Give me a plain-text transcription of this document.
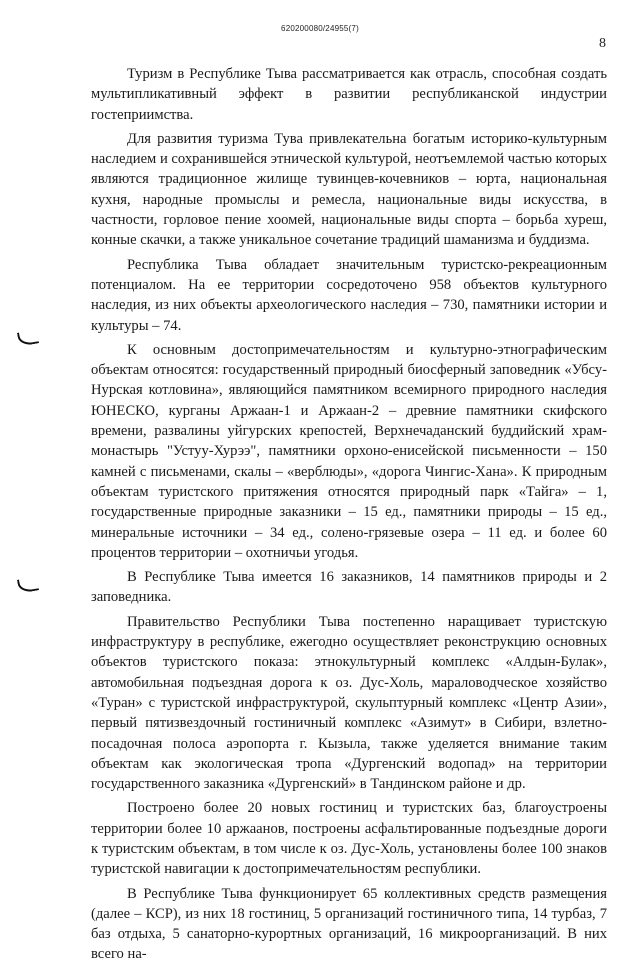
620200080/24955(7)
8

Туризм в Республике Тыва рассматривается как отрасль, способная создать мультипликативный эффект в развитии республиканской индустрии гостеприимства.

Для развития туризма Тува привлекательна богатым историко-культурным наследием и сохранившейся этнической культурой, неотъемлемой частью которых являются традиционное жилище тувинцев-кочевников – юрта, национальная кухня, народные промыслы и ремесла, национальные виды искусства, в частности, горловое пение хоомей, национальные виды спорта – борьба хуреш, конные скачки, а также уникальное сочетание традиций шаманизма и буддизма.

Республика Тыва обладает значительным туристско-рекреационным потенциалом. На ее территории сосредоточено 958 объектов культурного наследия, из них объекты археологического наследия – 730, памятники истории и культуры – 74.

К основным достопримечательностям и культурно-этнографическим объектам относятся: государственный природный биосферный заповедник «Убсу-Нурская котловина», являющийся памятником всемирного природного наследия ЮНЕСКО, курганы Аржаан-1 и Аржаан-2 – древние памятники скифского времени, развалины уйгурских крепостей, Верхнечаданский буддийский храм-монастырь "Устуу-Хурээ", памятники орхоно-енисейской письменности – 150 камней с письменами, скалы – «верблюды», «дорога Чингис-Хана». К природным объектам туристского притяжения относятся природный парк «Тайга» – 1, государственные природные заказники – 15 ед., памятники природы – 15 ед., минеральные источники – 34 ед., солено-грязевые озера – 11 ед. и более 60 процентов территории – охотничьи угодья.

В Республике Тыва имеется 16 заказников, 14 памятников природы и 2 заповедника.

Правительство Республики Тыва постепенно наращивает туристскую инфраструктуру в республике, ежегодно осуществляет реконструкцию основных объектов туристского показа: этнокультурный комплекс «Алдын-Булак», автомобильная подъездная дорога к оз. Дус-Холь, мараловодческое хозяйство «Туран» с туристской инфраструктурой, скульптурный комплекс «Центр Азии», первый пятизвездочный гостиничный комплекс «Азимут» в Сибири, взлетно-посадочная полоса аэропорта г. Кызыла, также уделяется внимание таким объектам как экологическая тропа «Дургенский водопад» на территории государственного заказника «Дургенский» в Тандинском районе и др.

Построено более 20 новых гостиниц и туристских баз, благоустроены территории более 10 аржаанов, построены асфальтированные подъездные дороги к туристским объектам, в том числе к оз. Дус-Холь, установлены более 100 знаков туристской навигации к достопримечательностям республики.

В Республике Тыва функционирует 65 коллективных средств размещения (далее – КСР), из них 18 гостиниц, 5 организаций гостиничного типа, 14 турбаз, 7 баз отдыха, 5 санаторно-курортных организаций, 16 микроорганизаций. В них всего на-
